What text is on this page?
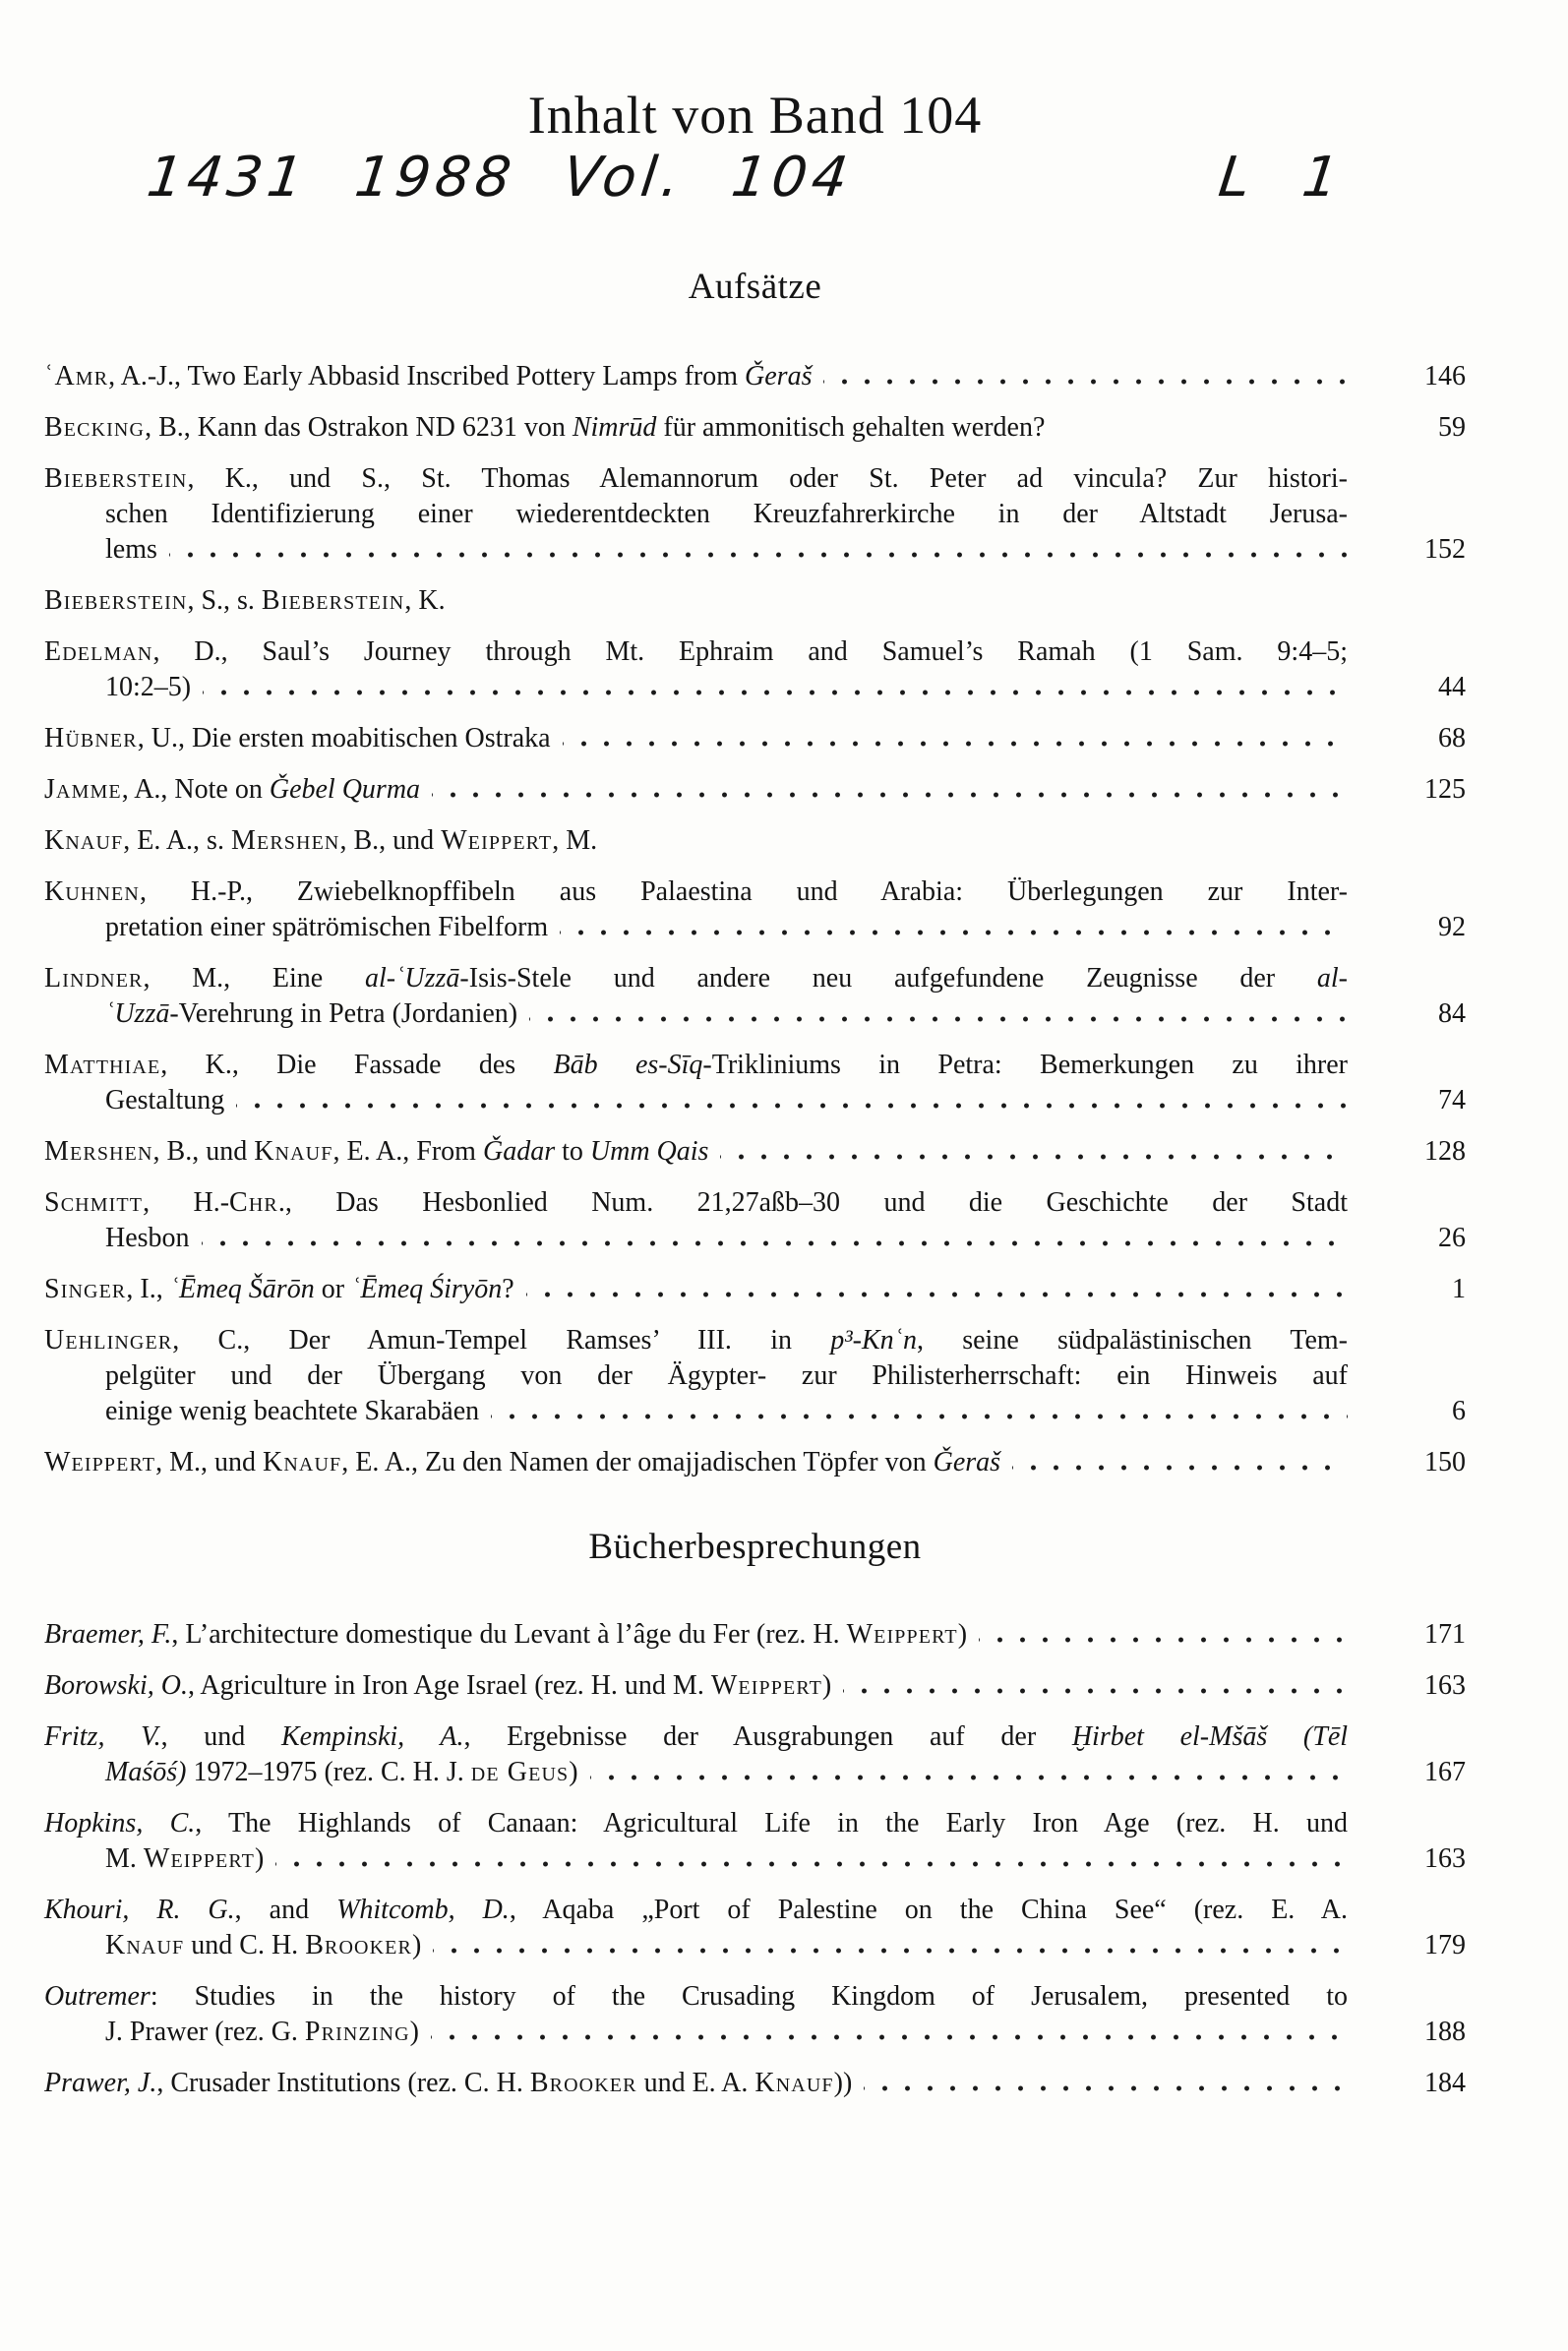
Inhalt von Band 104
1431 1988 Vol. 104	L 1
Aufsätze
ʿAmr, A.-J., Two Early Abbasid Inscribed Pottery Lamps from Ǧeraš	146
Becking, B., Kann das Ostrakon ND 6231 von Nimrūd für ammonitisch gehalten werden?	59
Bieberstein, K., und S., St. Thomas Alemannorum oder St. Peter ad vincula? Zur histori-
schen Identifizierung einer wiederentdeckten Kreuzfahrerkirche in der Altstadt Jerusa-
lems	152
Bieberstein, S., s. Bieberstein, K.
Edelman, D., Saul’s Journey through Mt. Ephraim and Samuel’s Ramah (1 Sam. 9:4–5;
10:2–5)	44
Hübner, U., Die ersten moabitischen Ostraka	68
Jamme, A., Note on Ǧebel Qurma	125
Knauf, E. A., s. Mershen, B., und Weippert, M.
Kuhnen, H.-P., Zwiebelknopffibeln aus Palaestina und Arabia: Überlegungen zur Inter-
pretation einer spätrömischen Fibelform	92
Lindner, M., Eine al-ʿUzzā-Isis-Stele und andere neu aufgefundene Zeugnisse der al-
ʿUzzā-Verehrung in Petra (Jordanien)	84
Matthiae, K., Die Fassade des Bāb es-Sīq-Trikliniums in Petra: Bemerkungen zu ihrer
Gestaltung	74
Mershen, B., und Knauf, E. A., From Ǧadar to Umm Qais	128
Schmitt, H.-Chr., Das Hesbonlied Num. 21,27aßb–30 und die Geschichte der Stadt
Hesbon	26
Singer, I., ʿĒmeq Šārōn or ʿĒmeq Śiryōn?	1
Uehlinger, C., Der Amun-Tempel Ramses’ III. in p³-Knʿn, seine südpalästinischen Tem-
pelgüter und der Übergang von der Ägypter- zur Philisterherrschaft: ein Hinweis auf
einige wenig beachtete Skarabäen	6
Weippert, M., und Knauf, E. A., Zu den Namen der omajjadischen Töpfer von Ǧeraš	150
Bücherbesprechungen
Braemer, F., L’architecture domestique du Levant à l’âge du Fer (rez. H. Weippert)	171
Borowski, O., Agriculture in Iron Age Israel (rez. H. und M. Weippert)	163
Fritz, V., und Kempinski, A., Ergebnisse der Ausgrabungen auf der Ḫirbet el-Mšāš (Tēl
Maśōś) 1972–1975 (rez. C. H. J. de Geus)	167
Hopkins, C., The Highlands of Canaan: Agricultural Life in the Early Iron Age (rez. H. und
M. Weippert)	163
Khouri, R. G., and Whitcomb, D., Aqaba „Port of Palestine on the China See“ (rez. E. A.
Knauf und C. H. Brooker)	179
Outremer: Studies in the history of the Crusading Kingdom of Jerusalem, presented to
J. Prawer (rez. G. Prinzing)	188
Prawer, J., Crusader Institutions (rez. C. H. Brooker und E. A. Knauf))	184
